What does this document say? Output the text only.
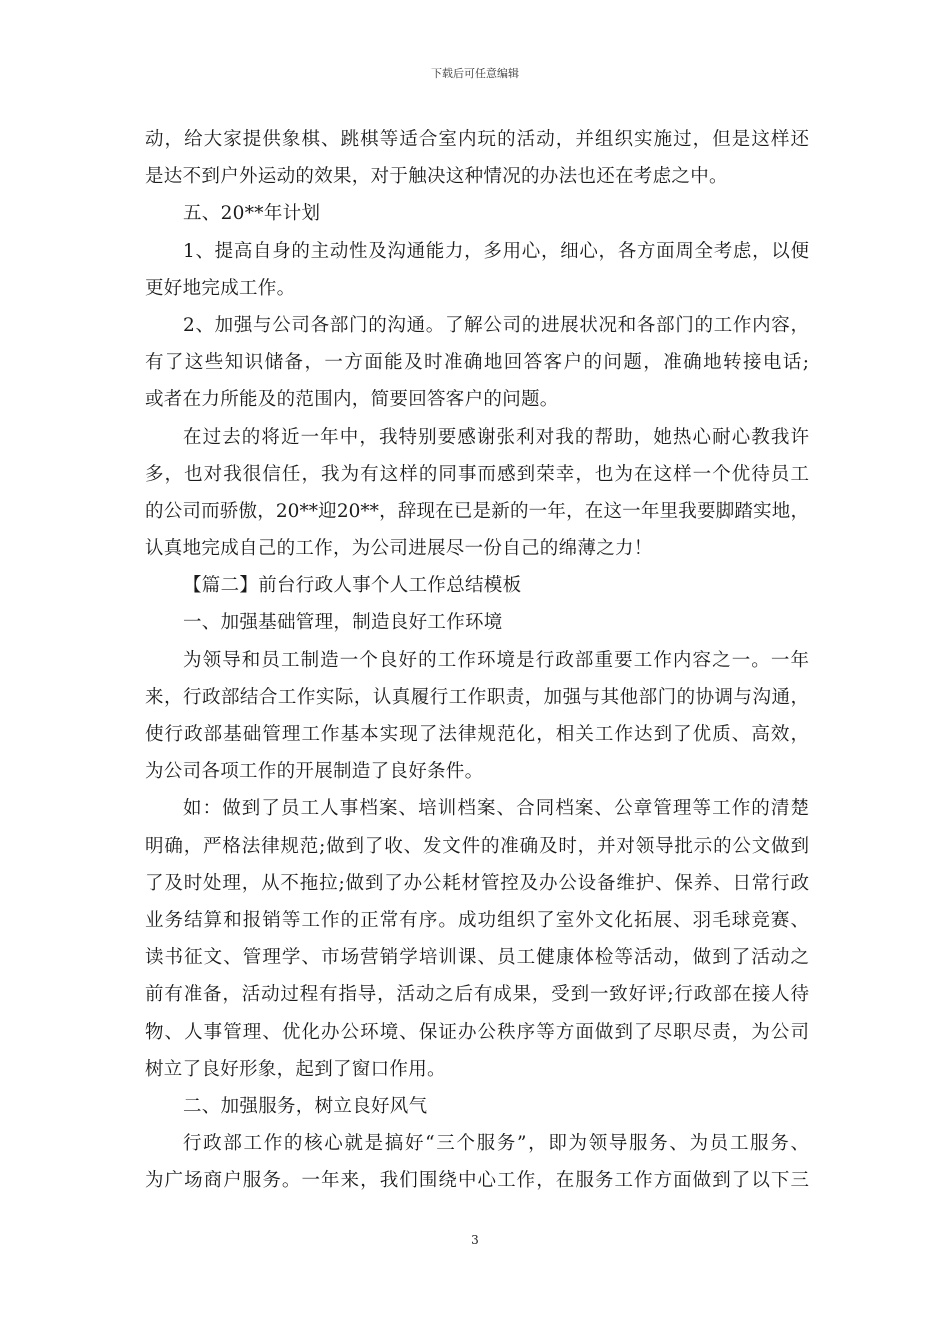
下载后可任意编辑
动，给大家提供象棋、跳棋等适合室内玩的活动，并组织实施过，但是这样还
是达不到户外运动的效果，对于触决这种情况的办法也还在考虑之中。
五、20**年计划
1、提高自身的主动性及沟通能力，多用心，细心，各方面周全考虑，以便
更好地完成工作。
2、加强与公司各部门的沟通。了解公司的进展状况和各部门的工作内容，
有了这些知识储备，一方面能及时准确地回答客户的问题，准确地转接电话;
或者在力所能及的范围内，简要回答客户的问题。
在过去的将近一年中，我特别要感谢张利对我的帮助，她热心耐心教我许
多，也对我很信任，我为有这样的同事而感到荣幸，也为在这样一个优待员工
的公司而骄傲，20**迎20**，辞现在已是新的一年，在这一年里我要脚踏实地，
认真地完成自己的工作，为公司进展尽一份自己的绵薄之力！
【篇二】前台行政人事个人工作总结模板
一、加强基础管理，制造良好工作环境
为领导和员工制造一个良好的工作环境是行政部重要工作内容之一。一年
来，行政部结合工作实际，认真履行工作职责，加强与其他部门的协调与沟通，
使行政部基础管理工作基本实现了法律规范化，相关工作达到了优质、高效，
为公司各项工作的开展制造了良好条件。
如：做到了员工人事档案、培训档案、合同档案、公章管理等工作的清楚
明确，严格法律规范;做到了收、发文件的准确及时，并对领导批示的公文做到
了及时处理，从不拖拉;做到了办公耗材管控及办公设备维护、保养、日常行政
业务结算和报销等工作的正常有序。成功组织了室外文化拓展、羽毛球竞赛、
读书征文、管理学、市场营销学培训课、员工健康体检等活动，做到了活动之
前有准备，活动过程有指导，活动之后有成果，受到一致好评;行政部在接人待
物、人事管理、优化办公环境、保证办公秩序等方面做到了尽职尽责，为公司
树立了良好形象，起到了窗口作用。
二、加强服务，树立良好风气
行政部工作的核心就是搞好“三个服务”，即为领导服务、为员工服务、
为广场商户服务。一年来，我们围绕中心工作，在服务工作方面做到了以下三
3
